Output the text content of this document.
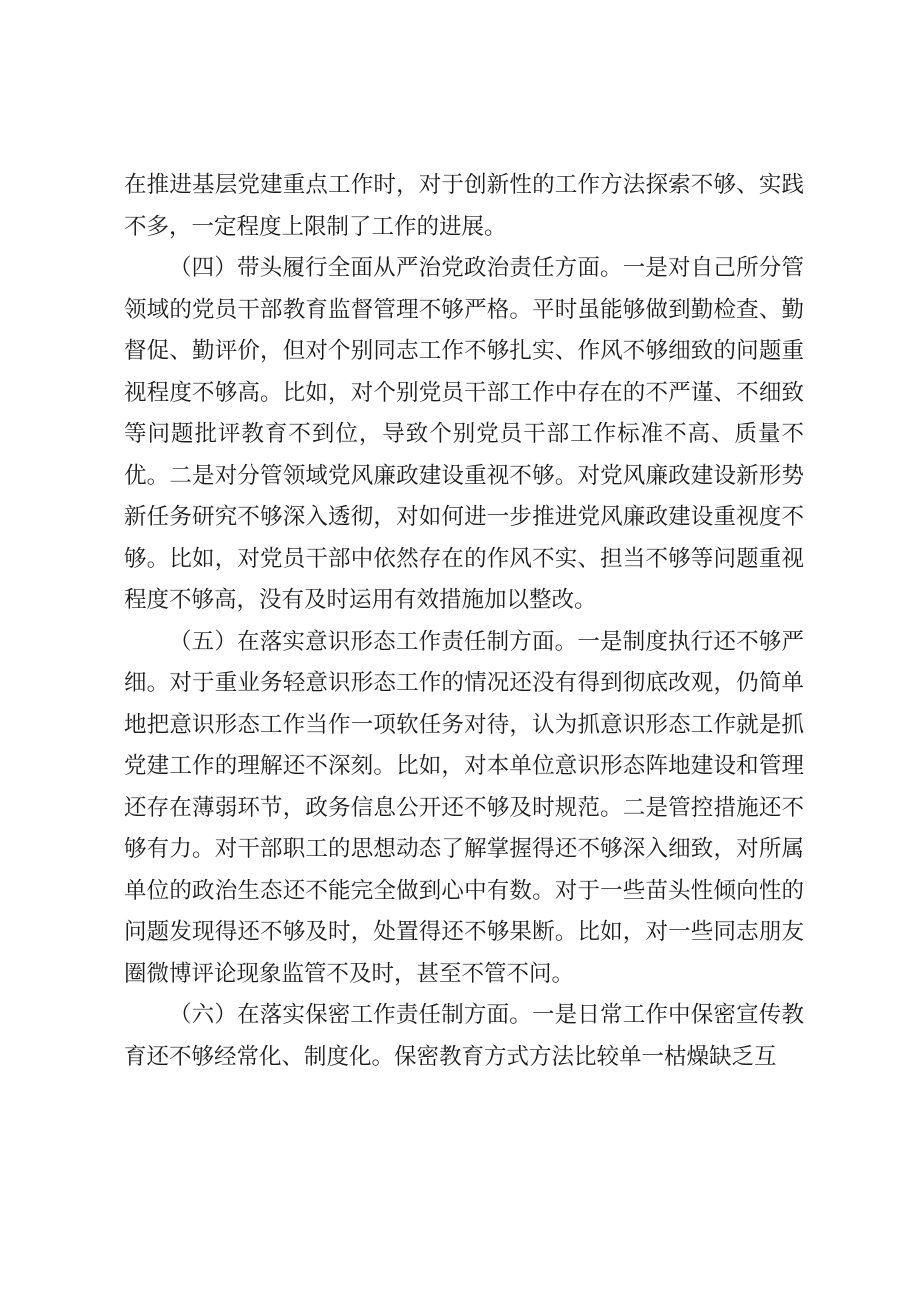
在推进基层党建重点工作时，对于创新性的工作方法探索不够、实践不多，一定程度上限制了工作的进展。

（四）带头履行全面从严治党政治责任方面。一是对自己所分管领域的党员干部教育监督管理不够严格。平时虽能够做到勤检查、勤督促、勤评价，但对个别同志工作不够扎实、作风不够细致的问题重视程度不够高。比如，对个别党员干部工作中存在的不严谨、不细致等问题批评教育不到位，导致个别党员干部工作标准不高、质量不优。二是对分管领域党风廉政建设重视不够。对党风廉政建设新形势新任务研究不够深入透彻，对如何进一步推进党风廉政建设重视度不够。比如，对党员干部中依然存在的作风不实、担当不够等问题重视程度不够高，没有及时运用有效措施加以整改。

（五）在落实意识形态工作责任制方面。一是制度执行还不够严细。对于重业务轻意识形态工作的情况还没有得到彻底改观，仍简单地把意识形态工作当作一项软任务对待，认为抓意识形态工作就是抓党建工作的理解还不深刻。比如，对本单位意识形态阵地建设和管理还存在薄弱环节，政务信息公开还不够及时规范。二是管控措施还不够有力。对干部职工的思想动态了解掌握得还不够深入细致，对所属单位的政治生态还不能完全做到心中有数。对于一些苗头性倾向性的问题发现得还不够及时，处置得还不够果断。比如，对一些同志朋友圈微博评论现象监管不及时，甚至不管不问。

（六）在落实保密工作责任制方面。一是日常工作中保密宣传教育还不够经常化、制度化。保密教育方式方法比较单一枯燥缺乏互
